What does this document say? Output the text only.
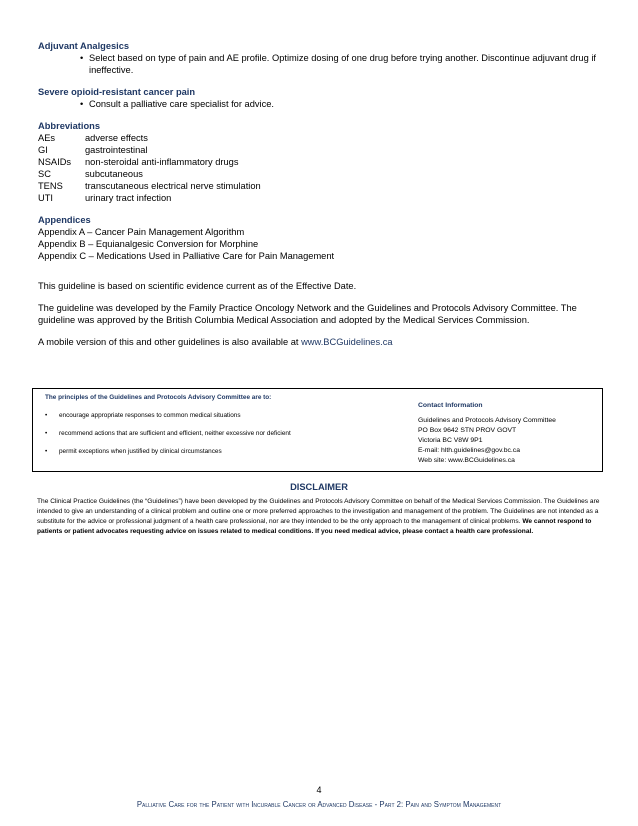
Adjuvant Analgesics
• Select based on type of pain and AE profile. Optimize dosing of one drug before trying another. Discontinue adjuvant drug if ineffective.
Severe opioid-resistant cancer pain
• Consult a palliative care specialist for advice.
Abbreviations
AEs	adverse effects
GI	gastrointestinal
NSAIDs	non-steroidal anti-inflammatory drugs
SC	subcutaneous
TENS	transcutaneous electrical nerve stimulation
UTI	urinary tract infection
Appendices
Appendix A – Cancer Pain Management Algorithm
Appendix B – Equianalgesic Conversion for Morphine
Appendix C – Medications Used in Palliative Care for Pain Management
This guideline is based on scientific evidence current as of the Effective Date.
The guideline was developed by the Family Practice Oncology Network and the Guidelines and Protocols Advisory Committee. The guideline was approved by the British Columbia Medical Association and adopted by the Medical Services Commission.
A mobile version of this and other guidelines is also available at www.BCGuidelines.ca
The principles of the Guidelines and Protocols Advisory Committee are to:
• encourage appropriate responses to common medical situations
• recommend actions that are sufficient and efficient, neither excessive nor deficient
• permit exceptions when justified by clinical circumstances
Contact Information
Guidelines and Protocols Advisory Committee
PO Box 9642 STN PROV GOVT
Victoria BC V8W 9P1
E-mail: hlth.guidelines@gov.bc.ca
Web site: www.BCGuidelines.ca
DISCLAIMER
The Clinical Practice Guidelines (the “Guidelines”) have been developed by the Guidelines and Protocols Advisory Committee on behalf of the Medical Services Commission. The Guidelines are intended to give an understanding of a clinical problem and outline one or more preferred approaches to the investigation and management of the problem. The Guidelines are not intended as a substitute for the advice or professional judgment of a health care professional, nor are they intended to be the only approach to the management of clinical problems. We cannot respond to patients or patient advocates requesting advice on issues related to medical conditions. If you need medical advice, please contact a health care professional.
4
Palliative Care for the Patient with Incurable Cancer or Advanced Disease - Part 2: Pain and Symptom Management
